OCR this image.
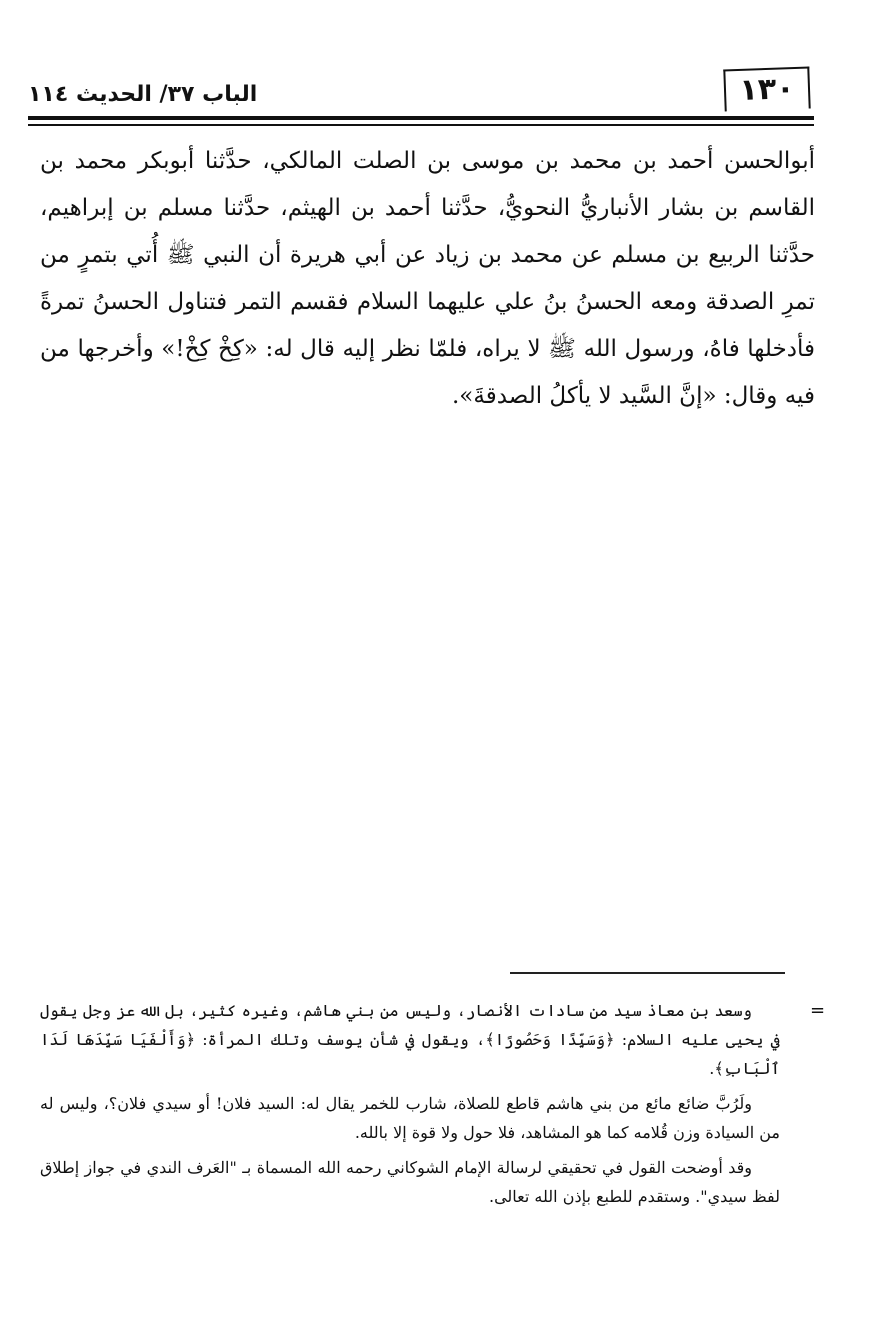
الباب ٣٧/ الحديث ١١٤	١٣٠

أبوالحسن أحمد بن محمد بن موسى بن الصلت المالكي، حدَّثنا أبوبكر محمد بن القاسم بن بشار الأنباريُّ النحويُّ، حدَّثنا أحمد بن الهيثم، حدَّثنا مسلم بن إبراهيم، حدَّثنا الربيع بن مسلم عن محمد بن زياد عن أبي هريرة أن النبي ﷺ أُتي بتمرٍ من تمرِ الصدقة ومعه الحسنُ بنُ علي عليهما السلام فقسم التمر فتناول الحسنُ تمرةً فأدخلها فاهُ، ورسول الله ﷺ لا يراه، فلمّا نظر إليه قال له: «كِخْ كِخْ!» وأخرجها من فيه وقال: «إنَّ السَّيد لا يأكلُ الصدقةَ».

=

وسعد بن معاذ سيد من سادات الأنصار، وليس من بني هاشم، وغيره كثير، بل الله عز وجل يقول في يحيى عليه السلام: ﴿وَسَيِّدًا وَحَصُورًا﴾، ويقول في شأن يوسف وتلك المرأة: ﴿وَأَلْفَيَا سَيِّدَهَا لَدَا ٱلْبَابِ﴾.

ولَرُبَّ ضائع مائع من بني هاشم قاطع للصلاة، شارب للخمر يقال له: السيد فلان! أو سيدي فلان؟، وليس له من السيادة وزن قُلامه كما هو المشاهد، فلا حول ولا قوة إلا بالله.

وقد أوضحت القول في تحقيقي لرسالة الإمام الشوكاني رحمه الله المسماة بـ "العَرف الندي في جواز إطلاق لفظ سيدي". وستقدم للطبع بإذن الله تعالى.
